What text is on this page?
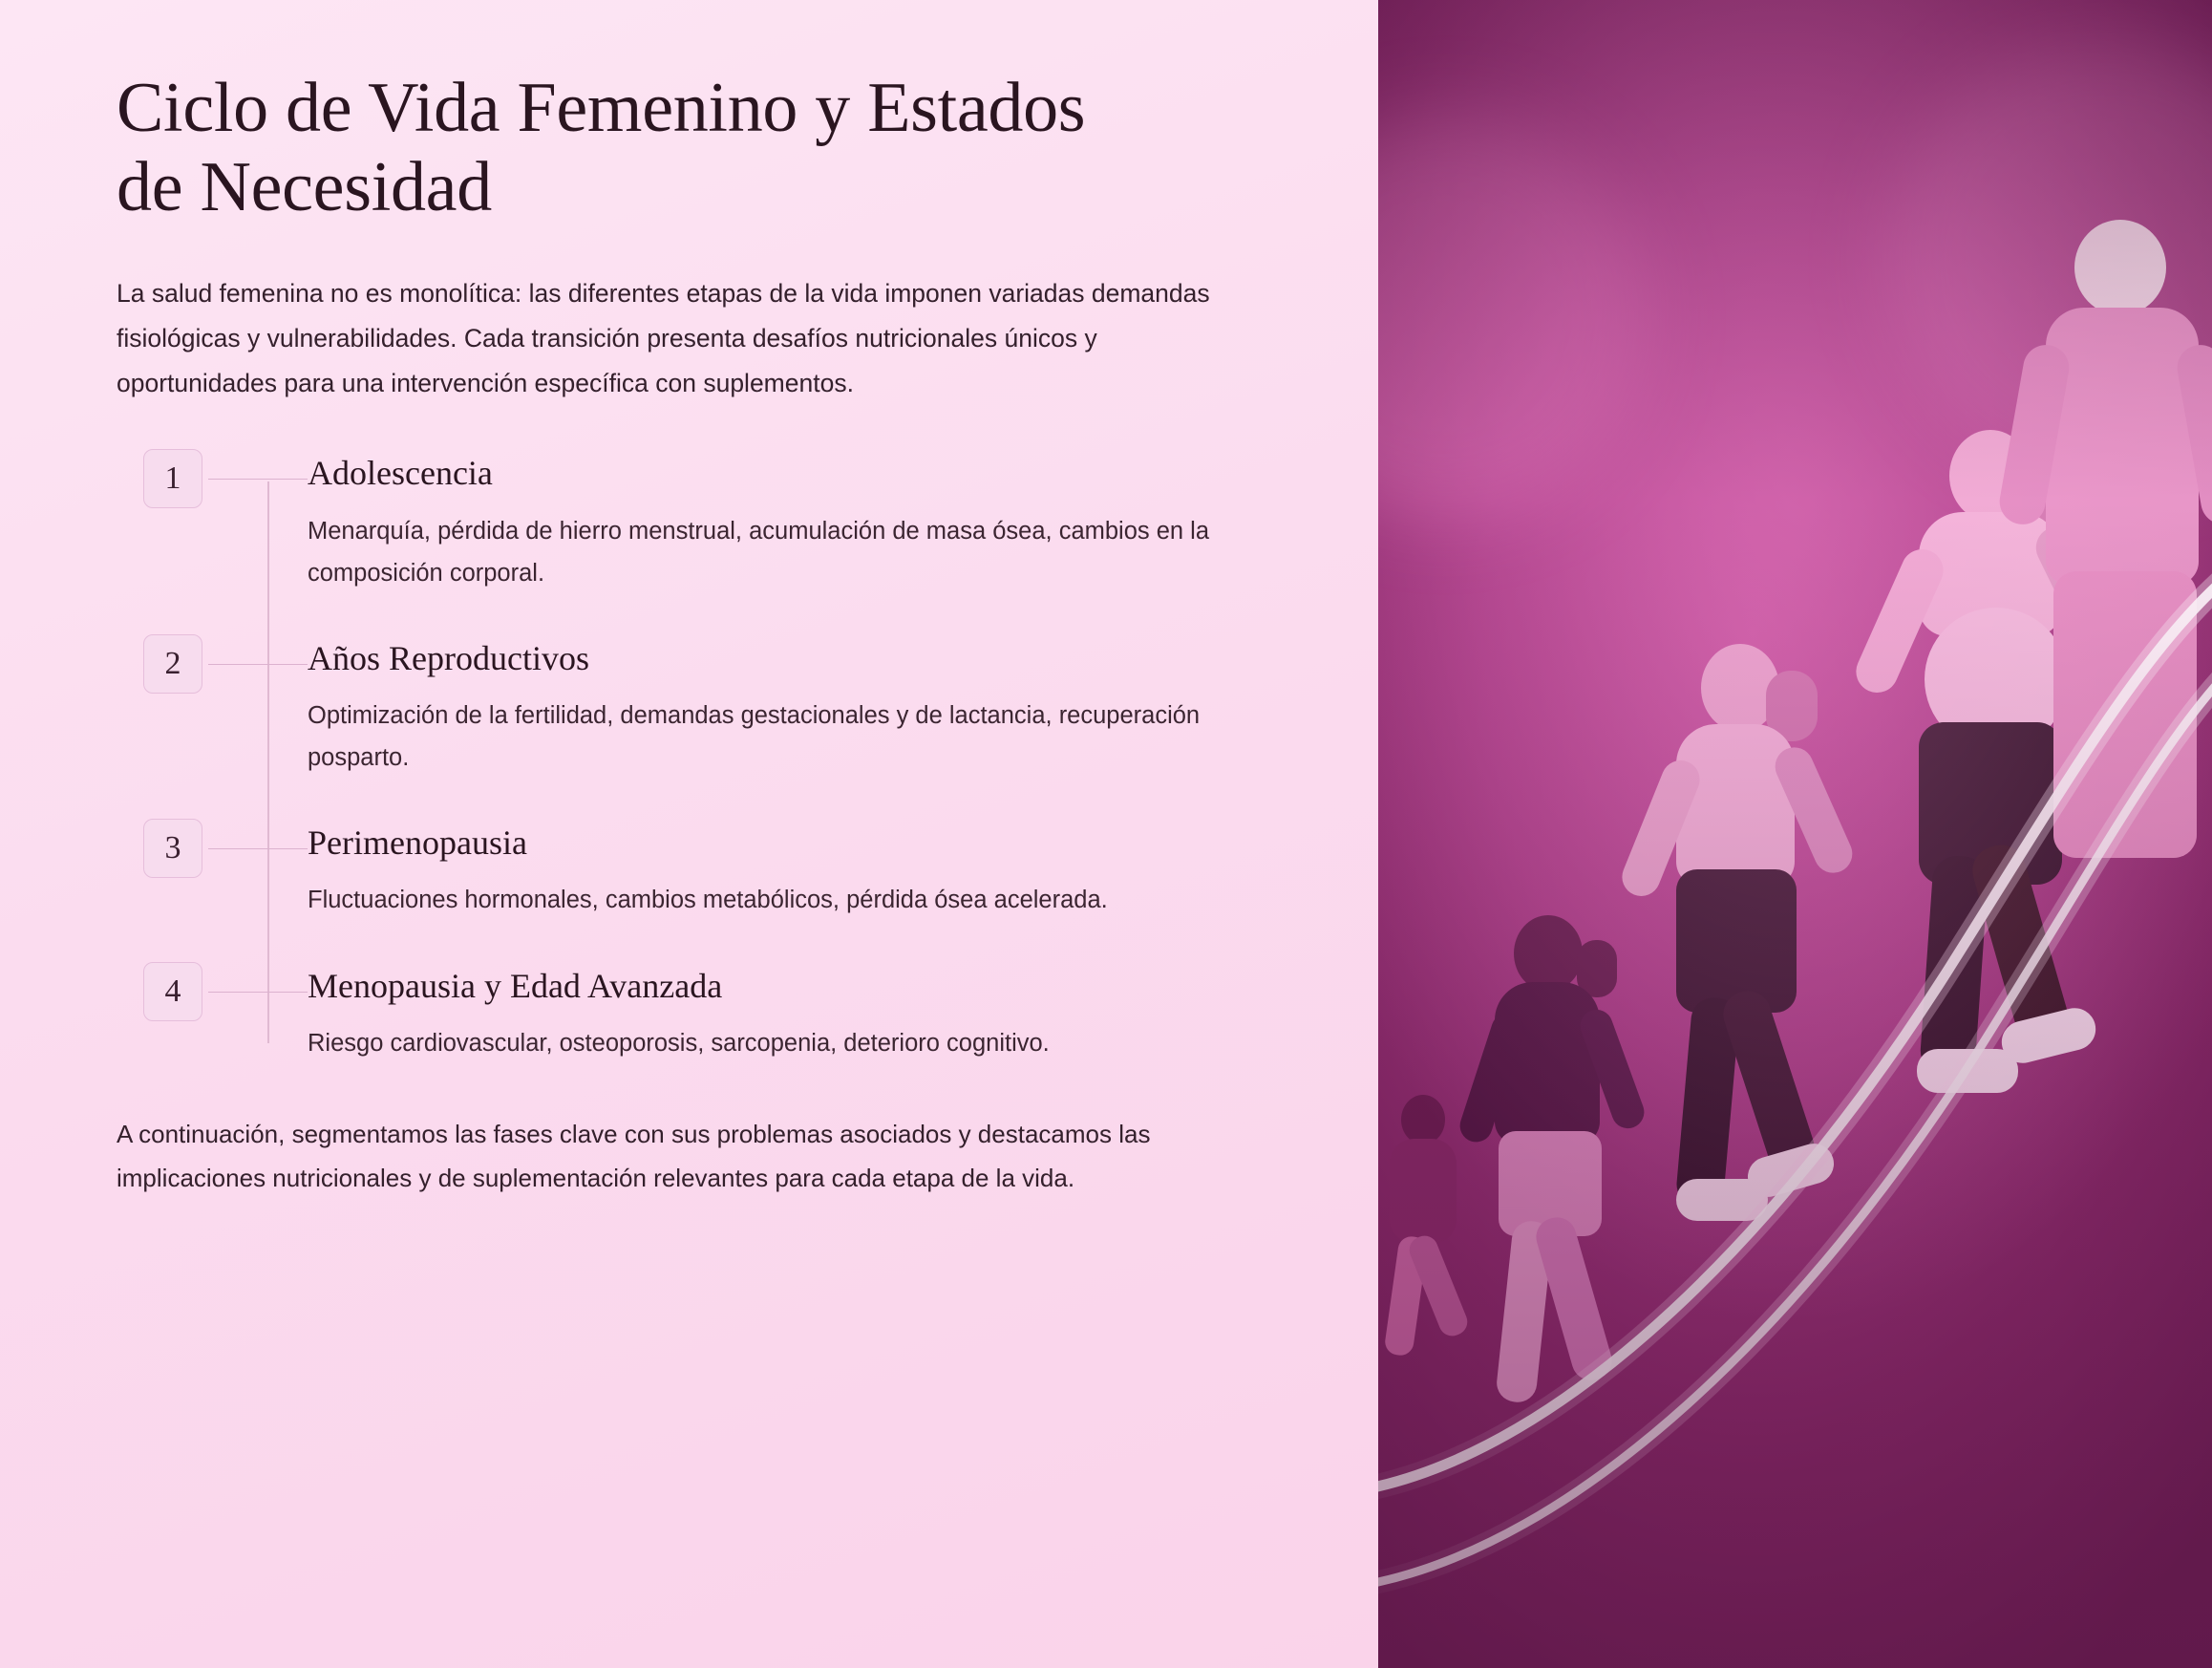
Ciclo de Vida Femenino y Estados de Necesidad

La salud femenina no es monolítica: las diferentes etapas de la vida imponen variadas demandas fisiológicas y vulnerabilidades. Cada transición presenta desafíos nutricionales únicos y oportunidades para una intervención específica con suplementos.

1	Adolescencia

Menarquía, pérdida de hierro menstrual, acumulación de masa ósea, cambios en la composición corporal.

2	Años Reproductivos

Optimización de la fertilidad, demandas gestacionales y de lactancia, recuperación posparto.

3	Perimenopausia

Fluctuaciones hormonales, cambios metabólicos, pérdida ósea acelerada.

4	Menopausia y Edad Avanzada

Riesgo cardiovascular, osteoporosis, sarcopenia, deterioro cognitivo.

A continuación, segmentamos las fases clave con sus problemas asociados y destacamos las implicaciones nutricionales y de suplementación relevantes para cada etapa de la vida.
